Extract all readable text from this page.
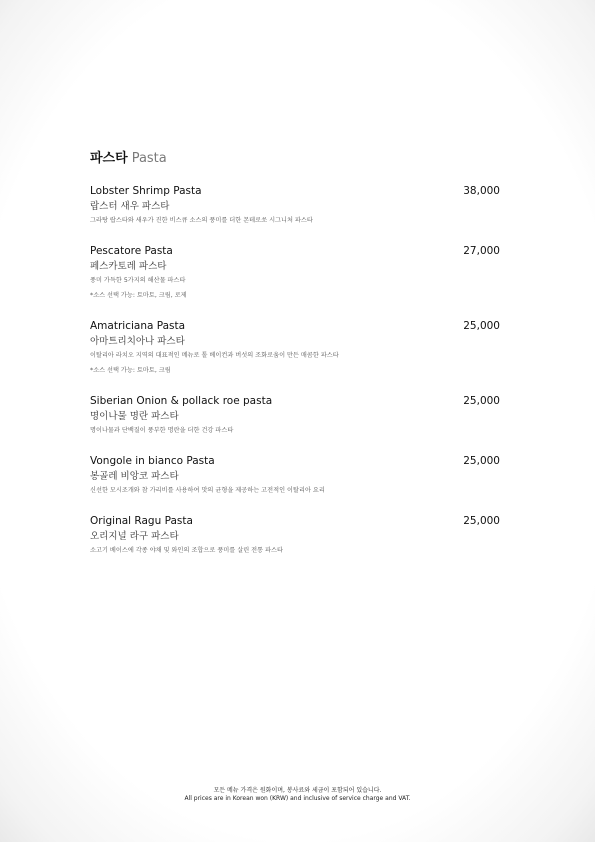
파스타 Pasta
Lobster Shrimp Pasta	38,000
랍스터 새우 파스타
그라탕 랍스타와 새우가 진한 비스큐 소스의 풍미를 더한 몬테로쏘 시그니처 파스타
Pescatore Pasta	27,000
페스카토레 파스타
풍미 가득한 5가지의 해산물 파스타
*소스 선택 가능: 토마토, 크림, 로제
Amatriciana Pasta	25,000
아마트리치아나 파스타
이탈리아 라치오 지역의 대표적인 메뉴로 톨 베이컨과 버섯의 조화로움이 만든 매콤한 파스타
*소스 선택 가능: 토마토, 크림
Siberian Onion & pollack roe pasta	25,000
명이나물 명란 파스타
명이나물과 단백질이 풍부한 명란을 더한 건강 파스타
Vongole in bianco Pasta	25,000
봉골레 비앙코 파스타
신선한 모시조개와 참 가리비를 사용하여 맛의 균형을 제공하는 고전적인 이탈리아 요리
Original Ragu Pasta	25,000
오리지널 라구 파스타
소고기 베이스에 각종 야채 및 와인의 조합으로 풍미를 살린 전통 파스타
모든 메뉴 가격은 원화이며, 봉사료와 세금이 포함되어 있습니다.
All prices are in Korean won (KRW) and inclusive of service charge and VAT.
